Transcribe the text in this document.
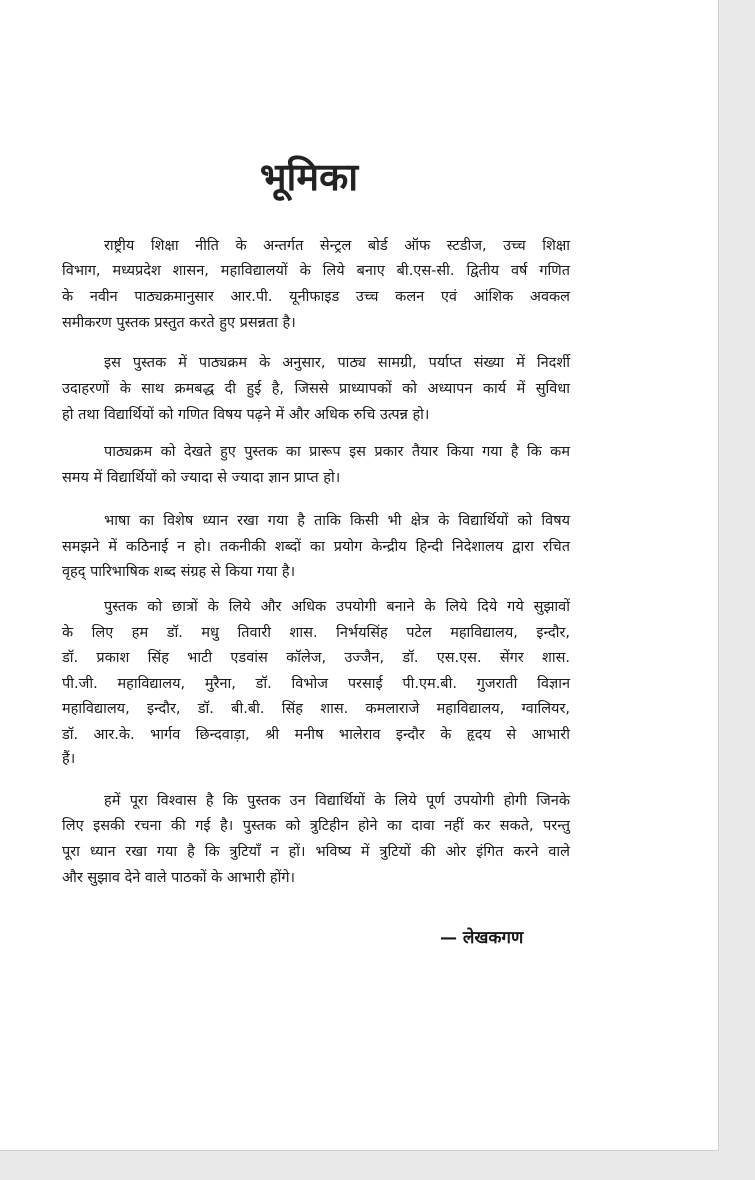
भूमिका
राष्ट्रीय शिक्षा नीति के अन्तर्गत सेन्ट्रल बोर्ड ऑफ स्टडीज, उच्च शिक्षा
विभाग, मध्यप्रदेश शासन, महाविद्यालयों के लिये बनाए बी.एस-सी. द्वितीय वर्ष गणित
के नवीन पाठ्यक्रमानुसार आर.पी. यूनीफाइड उच्च कलन एवं आंशिक अवकल
समीकरण पुस्तक प्रस्तुत करते हुए प्रसन्नता है।
इस पुस्तक में पाठ्यक्रम के अनुसार, पाठ्य सामग्री, पर्याप्त संख्या में निदर्शी
उदाहरणों के साथ क्रमबद्ध दी हुई है, जिससे प्राध्यापकों को अध्यापन कार्य में सुविधा
हो तथा विद्यार्थियों को गणित विषय पढ़ने में और अधिक रुचि उत्पन्न हो।
पाठ्यक्रम को देखते हुए पुस्तक का प्रारूप इस प्रकार तैयार किया गया है कि कम
समय में विद्यार्थियों को ज्यादा से ज्यादा ज्ञान प्राप्त हो।
भाषा का विशेष ध्यान रखा गया है ताकि किसी भी क्षेत्र के विद्यार्थियों को विषय
समझने में कठिनाई न हो। तकनीकी शब्दों का प्रयोग केन्द्रीय हिन्दी निदेशालय द्वारा रचित
वृहद् पारिभाषिक शब्द संग्रह से किया गया है।
पुस्तक को छात्रों के लिये और अधिक उपयोगी बनाने के लिये दिये गये सुझावों
के लिए हम डॉ. मधु तिवारी शास. निर्भयसिंह पटेल महाविद्यालय, इन्दौर,
डॉ. प्रकाश सिंह भाटी एडवांस कॉलेज, उज्जैन, डॉ. एस.एस. सेंगर शास.
पी.जी. महाविद्यालय, मुरैना, डॉ. विभोज परसाई पी.एम.बी. गुजराती विज्ञान
महाविद्यालय, इन्दौर, डॉ. बी.बी. सिंह शास. कमलाराजे महाविद्यालय, ग्वालियर,
डॉ. आर.के. भार्गव छिन्दवाड़ा, श्री मनीष भालेराव इन्दौर के हृदय से आभारी
हैं।
हमें पूरा विश्वास है कि पुस्तक उन विद्यार्थियों के लिये पूर्ण उपयोगी होगी जिनके
लिए इसकी रचना की गई है। पुस्तक को त्रुटिहीन होने का दावा नहीं कर सकते, परन्तु
पूरा ध्यान रखा गया है कि त्रुटियाँ न हों। भविष्य में त्रुटियों की ओर इंगित करने वाले
और सुझाव देने वाले पाठकों के आभारी होंगे।
— लेखकगण
